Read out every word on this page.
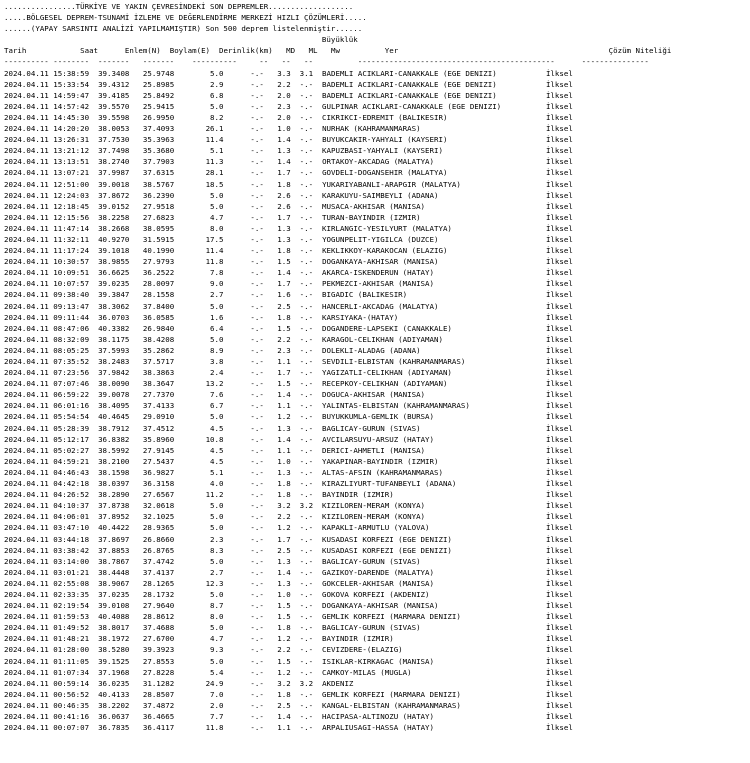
................TÜRKİYE VE YAKIN ÇEVRESİNDEKİ SON DEPREMLER...................
.....BÖLGESEL DEPREM-TSUNAMİ İZLEME VE DEĞERLENDİRME MERKEZİ HIZLI ÇÖZÜMLERİ.....
......(YAPAY SARSINTI ANALİZİ YAPILMAMIŞTIR) Son 500 deprem listelenmiştir......
Büyüklük
Tarih	Saat	Enlem(N) Boylam(E) Derinlik(km) MD ML Mw	Yer	Çözüm Niteliği
---------- --------  -------   -------    ----------     --   --   --          --------------------------------------------      ---------------
2024.04.11 15:38:59 39.3408 25.9748	5.0	-.- 3.3 3.1 BADEMLI ACIKLARI-CANAKKALE (EGE DENIZI)	İlksel
2024.04.11 15:33:54 39.4312 25.8985	2.9	-.- 2.2 -.- BADEMLI ACIKLARI-CANAKKALE (EGE DENIZI)	İlksel
2024.04.11 14:59:47 39.4185 25.8492	6.8	-.- 2.0 -.- BADEMLI ACIKLARI-CANAKKALE (EGE DENIZI)	İlksel
2024.04.11 14:57:42 39.5570 25.9415	5.0	-.- 2.3 -.- GULPINAR ACIKLARI-CANAKKALE (EGE DENIZI)	İlksel
2024.04.11 14:45:30 39.5598 26.9950	8.2	-.- 2.0 -.- CIKRIKCI-EDREMIT (BALIKESIR)	İlksel
2024.04.11 14:20:20 38.0053 37.4093	26.1	-.- 1.0 -.- NURHAK (KAHRAMANMARAS)	İlksel
2024.04.11 13:26:31 37.7530 35.3963	11.4	-.- 1.4 -.- BUYUKCAKIR-YAHYALI (KAYSERI)	İlksel
2024.04.11 13:21:12 37.7498 35.3680	5.1	-.- 1.3 -.- KAPUZBASI-YAHYALI (KAYSERI)	İlksel
2024.04.11 13:13:51 38.2740 37.7903	11.3	-.- 1.4 -.- ORTAKOY-AKCADAG (MALATYA)	İlksel
2024.04.11 13:07:21 37.9987 37.6315	28.1	-.- 1.7 -.- GOVDELI-DOGANSEHIR (MALATYA)	İlksel
2024.04.11 12:51:00 39.0018 38.5767	18.5	-.- 1.8 -.- YUKARIYABANLI-ARAPGIR (MALATYA)	İlksel
2024.04.11 12:24:03 37.8672 36.2390	5.0	-.- 2.6 -.- KARAKUYU-SAIMBEYLI (ADANA)	İlksel
2024.04.11 12:18:45 39.0152 27.9518	5.0	-.- 2.6 -.- MUSACA-AKHISAR (MANISA)	İlksel
2024.04.11 12:15:56 38.2258 27.6823	4.7	-.- 1.7 -.- TURAN-BAYINDIR (IZMIR)	İlksel
2024.04.11 11:47:14 38.2668 38.0595	8.0	-.- 1.3 -.- KIRLANGIC-YESILYURT (MALATYA)	İlksel
2024.04.11 11:32:11 40.9270 31.5915	17.5	-.- 1.3 -.- YOGUNPELIT-YIGILCA (DUZCE)	İlksel
2024.04.11 11:17:24 39.1018 40.1990	11.4	-.- 1.8 -.- KEKLIKKOY-KARAKOCAN (ELAZIG)	İlksel
2024.04.11 10:30:57 38.9855 27.9793	11.8	-.- 1.5 -.- DOGANKAYA-AKHISAR (MANISA)	İlksel
2024.04.11 10:09:51 36.6625 36.2522	7.8	-.- 1.4 -.- AKARCA-ISKENDERUN (HATAY)	İlksel
2024.04.11 10:07:57 39.0235 28.0097	9.0	-.- 1.7 -.- PEKMEZCI-AKHISAR (MANISA)	İlksel
2024.04.11 09:38:40 39.3847 28.1558	2.7	-.- 1.6 -.- BIGADIC (BALIKESIR)	İlksel
2024.04.11 09:13:47 38.3062 37.8400	5.0	-.- 2.5 -.- HANCERLI-AKCADAG (MALATYA)	İlksel
2024.04.11 09:11:44 36.0703 36.0585	1.6	-.- 1.8 -.- KARSIYAKA-(HATAY)	İlksel
2024.04.11 08:47:06 40.3382 26.9840	6.4	-.- 1.5 -.- DOGANDERE-LAPSEKI (CANAKKALE)	İlksel
2024.04.11 08:32:09 38.1175 38.4208	5.0	-.- 2.2 -.- KARAGOL-CELIKHAN (ADIYAMAN)	İlksel
2024.04.11 08:05:25 37.5993 35.2862	8.9	-.- 2.3 -.- DOLEKLI-ALADAG (ADANA)	İlksel
2024.04.11 07:35:52 38.2483 37.5717	3.8	-.- 1.1 -.- SEVDILI-ELBISTAN (KAHRAMANMARAS)	İlksel
2024.04.11 07:23:56 37.9842 38.3863	2.4	-.- 1.7 -.- YAGIZATLI-CELIKHAN (ADIYAMAN)	İlksel
2024.04.11 07:07:46 38.0090 38.3647	13.2	-.- 1.5 -.- RECEPKOY-CELIKHAN (ADIYAMAN)	İlksel
2024.04.11 06:59:22 39.0078 27.7370	7.6	-.- 1.4 -.- DOGUCA-AKHISAR (MANISA)	İlksel
2024.04.11 06:01:16 38.4095 37.4133	6.7	-.- 1.1 -.- YALINTAS-ELBISTAN (KAHRAMANMARAS)	İlksel
2024.04.11 05:54:54 40.4645 29.0910	5.0	-.- 1.2 -.- BUYUKKUMLA-GEMLIK (BURSA)	İlksel
2024.04.11 05:28:39 38.7912 37.4512	4.5	-.- 1.3 -.- BAGLICAY-GURUN (SIVAS)	İlksel
2024.04.11 05:12:17 36.8382 35.8960	10.8	-.- 1.4 -.- AVCILARSUYU-ARSUZ (HATAY)	İlksel
2024.04.11 05:02:27 38.5992 27.9145	4.5	-.- 1.1 -.- DERICI-AHMETLI (MANISA)	İlksel
2024.04.11 04:59:21 38.2100 27.5437	4.5	-.- 1.0 -.- YAKAPINAR-BAYINDIR (IZMIR)	İlksel
2024.04.11 04:46:43 38.1598 36.9827	5.1	-.- 1.3 -.- ALTAS-AFSIN (KAHRAMANMARAS)	İlksel
2024.04.11 04:42:18 38.0397 36.3158	4.0	-.- 1.8 -.- KIRAZLIYURT-TUFANBEYLI (ADANA)	İlksel
2024.04.11 04:26:52 38.2890 27.6567	11.2	-.- 1.8 -.- BAYINDIR (IZMIR)	İlksel
2024.04.11 04:10:37 37.8738 32.0618	5.0	-.- 3.2 3.2 KIZILOREN-MERAM (KONYA)	İlksel
2024.04.11 04:06:01 37.8952 32.1025	5.0	-.- 2.2 -.- KIZILOREN-MERAM (KONYA)	İlksel
2024.04.11 03:47:10 40.4422 28.9365	5.0	-.- 1.2 -.- KAPAKLI-ARMUTLU (YALOVA)	İlksel
2024.04.11 03:44:18 37.8697 26.8660	2.3	-.- 1.7 -.- KUSADASI KORFEZI (EGE DENIZI)	İlksel
2024.04.11 03:38:42 37.8853 26.8765	8.3	-.- 2.5 -.- KUSADASI KORFEZI (EGE DENIZI)	İlksel
2024.04.11 03:14:00 38.7867 37.4742	5.0	-.- 1.3 -.- BAGLICAY-GURUN (SIVAS)	İlksel
2024.04.11 03:01:21 38.4448 37.4137	2.7	-.- 1.4 -.- GAZIKOY-DARENDE (MALATYA)	İlksel
2024.04.11 02:55:08 38.9067 28.1265	12.3	-.- 1.3 -.- GOKCELER-AKHISAR (MANISA)	İlksel
2024.04.11 02:33:35 37.0235 28.1732	5.0	-.- 1.0 -.- GOKOVA KORFEZI (AKDENIZ)	İlksel
2024.04.11 02:19:54 39.0108 27.9640	8.7	-.- 1.5 -.- DOGANKAYA-AKHISAR (MANISA)	İlksel
2024.04.11 01:59:53 40.4088 28.8612	8.0	-.- 1.5 -.- GEMLIK KORFEZI (MARMARA DENIZI)	İlksel
2024.04.11 01:49:52 38.8017 37.4688	5.0	-.- 1.8 -.- BAGLICAY-GURUN (SIVAS)	İlksel
2024.04.11 01:48:21 38.1972 27.6700	4.7	-.- 1.2 -.- BAYINDIR (IZMIR)	İlksel
2024.04.11 01:28:00 38.5280 39.3923	9.3	-.- 2.2 -.- CEVIZDERE-(ELAZIG)	İlksel
2024.04.11 01:11:05 39.1525 27.8553	5.0	-.- 1.5 -.- ISIKLAR-KIRKAGAC (MANISA)	İlksel
2024.04.11 01:07:34 37.1968 27.8228	5.4	-.- 1.2 -.- CAMKOY-MILAS (MUGLA)	İlksel
2024.04.11 00:59:14 36.0235 31.1282	24.9	-.- 3.2 3.2 AKDENIZ	İlksel
2024.04.11 00:56:52 40.4133 28.8507	7.0	-.- 1.8 -.- GEMLIK KORFEZI (MARMARA DENIZI)	İlksel
2024.04.11 00:46:35 38.2202 37.4872	2.0	-.- 2.5 -.- KANGAL-ELBISTAN (KAHRAMANMARAS)	İlksel
2024.04.11 00:41:16 36.0637 36.4665	7.7	-.- 1.4 -.- HACIPASA-ALTINOZU (HATAY)	İlksel
2024.04.11 00:07:07 36.7835 36.4117	11.8	-.- 1.1 -.- ARPALIUSAGI-HASSA (HATAY)	İlksel
